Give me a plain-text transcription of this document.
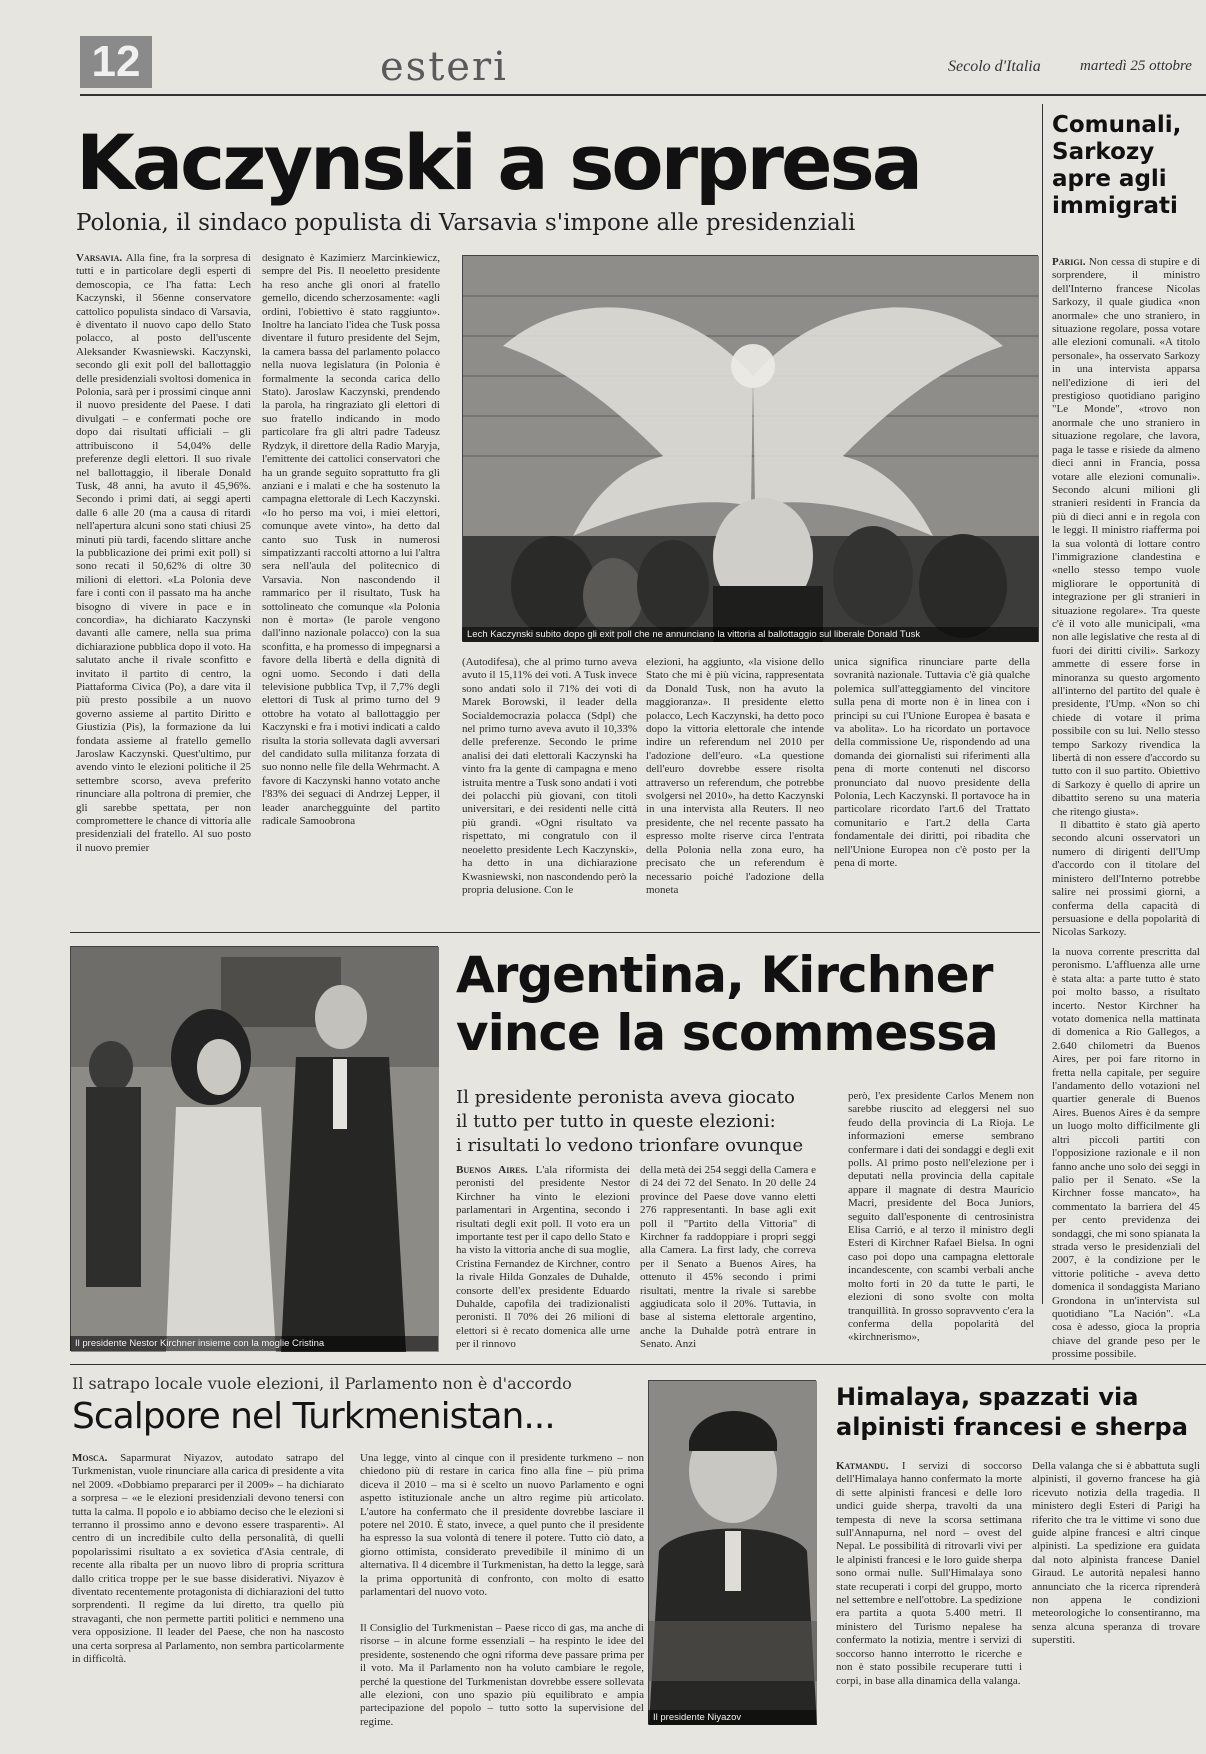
12	esteri	Secolo d'Italia	martedì 25 ottobre
Kaczynski a sorpresa
Polonia, il sindaco populista di Varsavia s'impone alle presidenziali

Varsavia. Alla fine, fra la sorpresa di tutti e in particolare degli esperti di demoscopia, ce l'ha fatta: Lech Kaczynski, il 56enne conservatore cattolico populista sindaco di Varsavia, è diventato il nuovo capo dello Stato polacco, al posto dell'uscente Aleksander Kwasniewski. Kaczynski, secondo gli exit poll del ballottaggio delle presidenziali svoltosi domenica in Polonia, sarà per i prossimi cinque anni il nuovo presidente del Paese. I dati divulgati – e confermati poche ore dopo dai risultati ufficiali – gli attribuiscono il 54,04% delle preferenze degli elettori. Il suo rivale nel ballottaggio, il liberale Donald Tusk, 48 anni, ha avuto il 45,96%. Secondo i primi dati, ai seggi aperti dalle 6 alle 20 (ma a causa di ritardi nell'apertura alcuni sono stati chiusi 25 minuti più tardi, facendo slittare anche la pubblicazione dei primi exit poll) si sono recati il 50,62% di oltre 30 milioni di elettori. «La Polonia deve fare i conti con il passato ma ha anche bisogno di vivere in pace e in concordia», ha dichiarato Kaczynski davanti alle camere, nella sua prima dichiarazione pubblica dopo il voto. Ha salutato anche il rivale sconfitto e invitato il partito di centro, la Piattaforma Civica (Po), a dare vita il più presto possibile a un nuovo governo assieme al partito Diritto e Giustizia (Pis), la formazione da lui fondata assieme al fratello gemello Jaroslaw Kaczynski. Quest'ultimo, pur avendo vinto le elezioni politiche il 25 settembre scorso, aveva preferito rinunciare alla poltrona di premier, che gli sarebbe spettata, per non compromettere le chance di vittoria alle presidenziali del fratello. Al suo posto il nuovo premier

designato è Kazimierz Marcinkiewicz, sempre del Pis. Il neoeletto presidente ha reso anche gli onori al fratello gemello, dicendo scherzosamente: «agli ordini, l'obiettivo è stato raggiunto». Inoltre ha lanciato l'idea che Tusk possa diventare il futuro presidente del Sejm, la camera bassa del parlamento polacco nella nuova legislatura (in Polonia è formalmente la seconda carica dello Stato). Jaroslaw Kaczynski, prendendo la parola, ha ringraziato gli elettori di suo fratello indicando in modo particolare fra gli altri padre Tadeusz Rydzyk, il direttore della Radio Maryja, l'emittente dei cattolici conservatori che ha un grande seguito soprattutto fra gli anziani e i malati e che ha sostenuto la campagna elettorale di Lech Kaczynski. «Io ho perso ma voi, i miei elettori, comunque avete vinto», ha detto dal canto suo Tusk in numerosi simpatizzanti raccolti attorno a lui l'altra sera nell'aula del politecnico di Varsavia. Non nascondendo il rammarico per il risultato, Tusk ha sottolineato che comunque «la Polonia non è morta» (le parole vengono dall'inno nazionale polacco) con la sua sconfitta, e ha promesso di impegnarsi a favore della libertà e della dignità di ogni uomo. Secondo i dati della televisione pubblica Tvp, il 7,7% degli elettori di Tusk al primo turno del 9 ottobre ha votato al ballottaggio per Kaczynski e fra i motivi indicati a caldo risulta la storia sollevata dagli avversari del candidato sulla militanza forzata di suo nonno nelle file della Wehrmacht. A favore di Kaczynski hanno votato anche l'83% dei seguaci di Andrzej Lepper, il leader anarchegguinte del partito radicale Samoobrona

Lech Kaczynski subito dopo gli exit poll che ne annunciano la vittoria al ballottaggio sul liberale Donald Tusk

(Autodifesa), che al primo turno aveva avuto il 15,11% dei voti. A Tusk invece sono andati solo il 71% dei voti di Marek Borowski, il leader della Socialdemocrazia polacca (Sdpl) che nel primo turno aveva avuto il 10,33% delle preferenze. Secondo le prime analisi dei dati elettorali Kaczynski ha vinto fra la gente di campagna e meno istruita mentre a Tusk sono andati i voti dei polacchi più giovani, con titoli universitari, e dei residenti nelle città più grandi. «Ogni risultato va rispettato, mi congratulo con il neoeletto presidente Lech Kaczynski», ha detto in una dichiarazione Kwasniewski, non nascondendo però la propria delusione. Con le

elezioni, ha aggiunto, «la visione dello Stato che mi è più vicina, rappresentata da Donald Tusk, non ha avuto la maggioranza». Il presidente eletto polacco, Lech Kaczynski, ha detto poco dopo la vittoria elettorale che intende indire un referendum nel 2010 per l'adozione dell'euro. «La questione dell'euro dovrebbe essere risolta attraverso un referendum, che potrebbe svolgersi nel 2010», ha detto Kaczynski in una intervista alla Reuters. Il neo presidente, che nel recente passato ha espresso molte riserve circa l'entrata della Polonia nella zona euro, ha precisato che un referendum è necessario poiché l'adozione della moneta

unica significa rinunciare parte della sovranità nazionale. Tuttavia c'è già qualche polemica sull'atteggiamento del vincitore sulla pena di morte non è in linea con i principi su cui l'Unione Europea è basata e va abolita». Lo ha ricordato un portavoce della commissione Ue, rispondendo ad una domanda dei giornalisti sui riferimenti alla pena di morte contenuti nel discorso pronunciato dal nuovo presidente della Polonia, Lech Kaczynski. Il portavoce ha in particolare ricordato l'art.6 del Trattato comunitario e l'art.2 della Carta fondamentale dei diritti, poi ribadita che nell'Unione Europea non c'è posto per la pena di morte.

Comunali, Sarkozy apre agli immigrati

Parigi. Non cessa di stupire e di sorprendere, il ministro dell'Interno francese Nicolas Sarkozy, il quale giudica «non anormale» che uno straniero, in situazione regolare, possa votare alle elezioni comunali. «A titolo personale», ha osservato Sarkozy in una intervista apparsa nell'edizione di ieri del prestigioso quotidiano parigino "Le Monde", «trovo non anormale che uno straniero in situazione regolare, che lavora, paga le tasse e risiede da almeno dieci anni in Francia, possa votare alle elezioni comunali». Secondo alcuni milioni gli stranieri residenti in Francia da più di dieci anni e in regola con le leggi. Il ministro riafferma poi la sua volontà di lottare contro l'immigrazione clandestina e «nello stesso tempo vuole migliorare le opportunità di integrazione per gli stranieri in situazione regolare». Tra queste c'è il voto alle municipali, «ma non alle legislative che resta al di fuori dei diritti civili». Sarkozy ammette di essere forse in minoranza su questo argomento all'interno del partito del quale è presidente, l'Ump. «Non so chi chiede di votare il prima possibile con su lui. Nello stesso tempo Sarkozy rivendica la libertà di non essere d'accordo su tutto con il suo partito. Obiettivo di Sarkozy è quello di aprire un dibattito sereno su una materia che ritengo giusta».

Il dibattito è stato già aperto secondo alcuni osservatori un numero di dirigenti dell'Ump d'accordo con il titolare del ministero dell'Interno potrebbe salire nei prossimi giorni, a conferma della capacità di persuasione e della popolarità di Nicolas Sarkozy.

Il presidente Nestor Kirchner insieme con la moglie Cristina
Argentina, Kirchner
vince la scommessa
Il presidente peronista aveva giocato
il tutto per tutto in queste elezioni:
i risultati lo vedono trionfare ovunque

Buenos Aires. L'ala riformista dei peronisti del presidente Nestor Kirchner ha vinto le elezioni parlamentari in Argentina, secondo i risultati degli exit poll. Il voto era un importante test per il capo dello Stato e ha visto la vittoria anche di sua moglie, Cristina Fernandez de Kirchner, contro la rivale Hilda Gonzales de Duhalde, consorte dell'ex presidente Eduardo Duhalde, capofila dei tradizionalisti peronisti. Il 70% dei 26 milioni di elettori si è recato domenica alle urne per il rinnovo

della metà dei 254 seggi della Camera e di 24 dei 72 del Senato. In 20 delle 24 province del Paese dove vanno eletti 276 rappresentanti. In base agli exit poll il "Partito della Vittoria" di Kirchner fa raddoppiare i propri seggi alla Camera. La first lady, che correva per il Senato a Buenos Aires, ha ottenuto il 45% secondo i primi risultati, mentre la rivale si sarebbe aggiudicata solo il 20%. Tuttavia, in base al sistema elettorale argentino, anche la Duhalde potrà entrare in Senato. Anzi

però, l'ex presidente Carlos Menem non sarebbe riuscito ad eleggersi nel suo feudo della provincia di La Rioja. Le informazioni emerse sembrano confermare i dati dei sondaggi e degli exit polls. Al primo posto nell'elezione per i deputati nella provincia della capitale appare il magnate di destra Mauricio Macri, presidente del Boca Juniors, seguito dall'esponente di centrosinistra Elisa Carrió, e al terzo il ministro degli Esteri di Kirchner Rafael Bielsa. In ogni caso poi dopo una campagna elettorale incandescente, con scambi verbali anche molto forti in 20 da tutte le parti, le elezioni di sono svolte con molta tranquillità. In grosso sopravvento c'era la conferma della popolarità del «kirchnerismo»,

la nuova corrente prescritta dal peronismo. L'affluenza alle urne è stata alta: a parte tutto è stato poi molto basso, a risultato incerto. Nestor Kirchner ha votato domenica nella mattinata di domenica a Rio Gallegos, a 2.640 chilometri da Buenos Aires, per poi fare ritorno in fretta nella capitale, per seguire l'andamento dello votazioni nel quartier generale di Buenos Aires. Buenos Aires è da sempre un luogo molto difficilmente gli altri piccoli partiti con l'opposizione razionale e il non fanno anche uno solo dei seggi in palio per il Senato. «Se la Kirchner fosse mancato», ha commentato la barriera del 45 per cento previdenza dei sondaggi, che mi sono spianata la strada verso le presidenziali del 2007, è la condizione per le vittorie politiche - aveva detto domenica il sondaggista Mariano Grondona in un'intervista sul quotidiano "La Nación". «La cosa è adesso, gioca la propria chiave del grande peso per le prossime possibile.

Il satrapo locale vuole elezioni, il Parlamento non è d'accordo
Scalpore nel Turkmenistan...

Mosca. Saparmurat Niyazov, autodato satrapo del Turkmenistan, vuole rinunciare alla carica di presidente a vita nel 2009. «Dobbiamo prepararci per il 2009» – ha dichiarato a sorpresa – «e le elezioni presidenziali devono tenersi con tutta la calma. Il popolo e io abbiamo deciso che le elezioni si terranno il prossimo anno e devono essere trasparenti». Al centro di un incredibile culto della personalità, di quelli popolarissimi risultato a ex sovietica d'Asia centrale, di recente alla ribalta per un nuovo libro di propria scrittura dallo critica troppe per le sue basse disiderativi. Niyazov è diventato recentemente protagonista di dichiarazioni del tutto sorprendenti. Il regime da lui diretto, tra quello più stravaganti, che non permette partiti politici e nemmeno una vera opposizione. Il leader del Paese, che non ha nascosto una certa sorpresa al Parlamento, non sembra particolarmente in difficoltà.

Una legge, vinto al cinque con il presidente turkmeno – non chiedono più di restare in carica fino alla fine – più prima diceva il 2010 – ma si è scelto un nuovo Parlamento e ogni aspetto istituzionale anche un altro regime più articolato. L'autore ha confermato che il presidente dovrebbe lasciare il potere nel 2010. È stato, invece, a quel punto che il presidente ha espresso la sua volontà di tenere il potere. Tutto ciò dato, a giorno ottimista, considerato prevedibile il minimo di un alternativa. Il 4 dicembre il Turkmenistan, ha detto la legge, sarà la prima opportunità di confronto, con molto di esatto parlamentari del nuovo voto.

Il Consiglio del Turkmenistan – Paese ricco di gas, ma anche di risorse – in alcune forme essenziali – ha respinto le idee del presidente, sostenendo che ogni riforma deve passare prima per il voto. Ma il Parlamento non ha voluto cambiare le regole, perché la questione del Turkmenistan dovrebbe essere sollevata alle elezioni, con uno spazio più equilibrato e ampia partecipazione del popolo – tutto sotto la supervisione del regime.	Il presidente Niyazov
Himalaya, spazzati via
alpinisti francesi e sherpa

Katmandu. I servizi di soccorso dell'Himalaya hanno confermato la morte di sette alpinisti francesi e delle loro undici guide sherpa, travolti da una tempesta di neve la scorsa settimana sull'Annapurna, nel nord – ovest del Nepal. Le possibilità di ritrovarli vivi per le alpinisti francesi e le loro guide sherpa sono ormai nulle. Sull'Himalaya sono state recuperati i corpi del gruppo, morto nel settembre e nell'ottobre. La spedizione era partita a quota 5.400 metri. Il ministero del Turismo nepalese ha confermato la notizia, mentre i servizi di soccorso hanno interrotto le ricerche e non è stato possibile recuperare tutti i corpi, in base alla dinamica della valanga.

Della valanga che si è abbattuta sugli alpinisti, il governo francese ha già ricevuto notizia della tragedia. Il ministero degli Esteri di Parigi ha riferito che tra le vittime vi sono due guide alpine francesi e altri cinque alpinisti. La spedizione era guidata dal noto alpinista francese Daniel Giraud. Le autorità nepalesi hanno annunciato che la ricerca riprenderà non appena le condizioni meteorologiche lo consentiranno, ma senza alcuna speranza di trovare superstiti.
